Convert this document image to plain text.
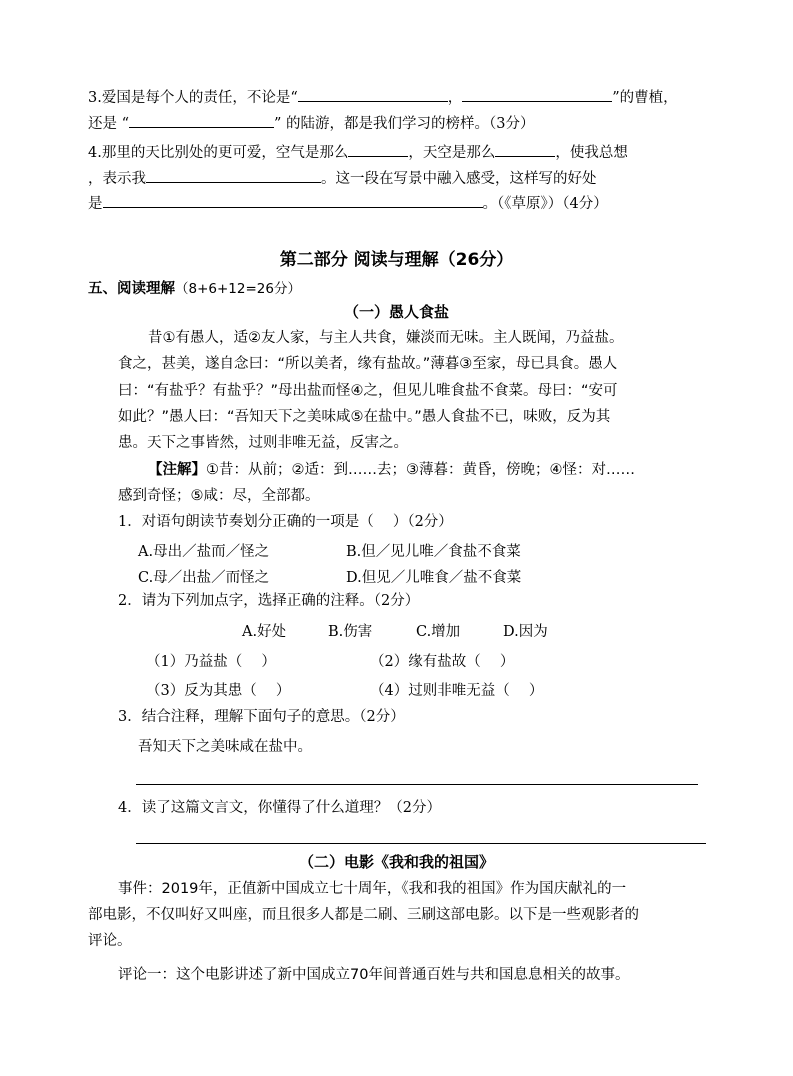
3.爱国是每个人的责任，不论是“	，	”的曹植，
还是 “	” 的陆游，都是我们学习的榜样。（3分）
4.那里的天比别处的更可爱，空气是那么	，天空是那么	，使我总想
，表示我	。这一段在写景中融入感受，这样写的好处
是	。（《草原》）（4分）
第二部分 阅读与理解（26分）
五、阅读理解（8+6+12=26分）
（一）愚人食盐
昔①有愚人，适②友人家，与主人共食，嫌淡而无味。主人既闻，乃益盐。
食之，甚美，遂自念曰：“所以美者，缘有盐故。”薄暮③至家，母已具食。愚人
曰：“有盐乎？有盐乎？”母出盐而怪④之，但见儿唯食盐不食菜。母曰：“安可
如此？”愚人曰：“吾知天下之美味咸⑤在盐中。”愚人食盐不已，味败，反为其
患。天下之事皆然，过则非唯无益，反害之。
【注解】①昔：从前；②适：到……去；③薄暮：黄昏，傍晚；④怪：对……
感到奇怪；⑤咸：尽，全部都。
1．对语句朗读节奏划分正确的一项是（　 ）（2分）
A.母出／盐而／怪之	B.但／见儿唯／食盐不食菜
C.母／出盐／而怪之	D.但见／儿唯食／盐不食菜
2．请为下列加点字，选择正确的注释。（2分）
A.好处	B.伤害	C.增加	D.因为
（1）乃益盐（　 ）	（2）缘有盐故（　 ）
（3）反为其患（　 ）	（4）过则非唯无益（　 ）
3．结合注释，理解下面句子的意思。（2分）
吾知天下之美味咸在盐中。
4．读了这篇文言文，你懂得了什么道理？（2分）
（二）电影《我和我的祖国》
事件：2019年，正值新中国成立七十周年，《我和我的祖国》作为国庆献礼的一
部电影，不仅叫好又叫座，而且很多人都是二刷、三刷这部电影。以下是一些观影者的
评论。
评论一：这个电影讲述了新中国成立70年间普通百姓与共和国息息相关的故事。
